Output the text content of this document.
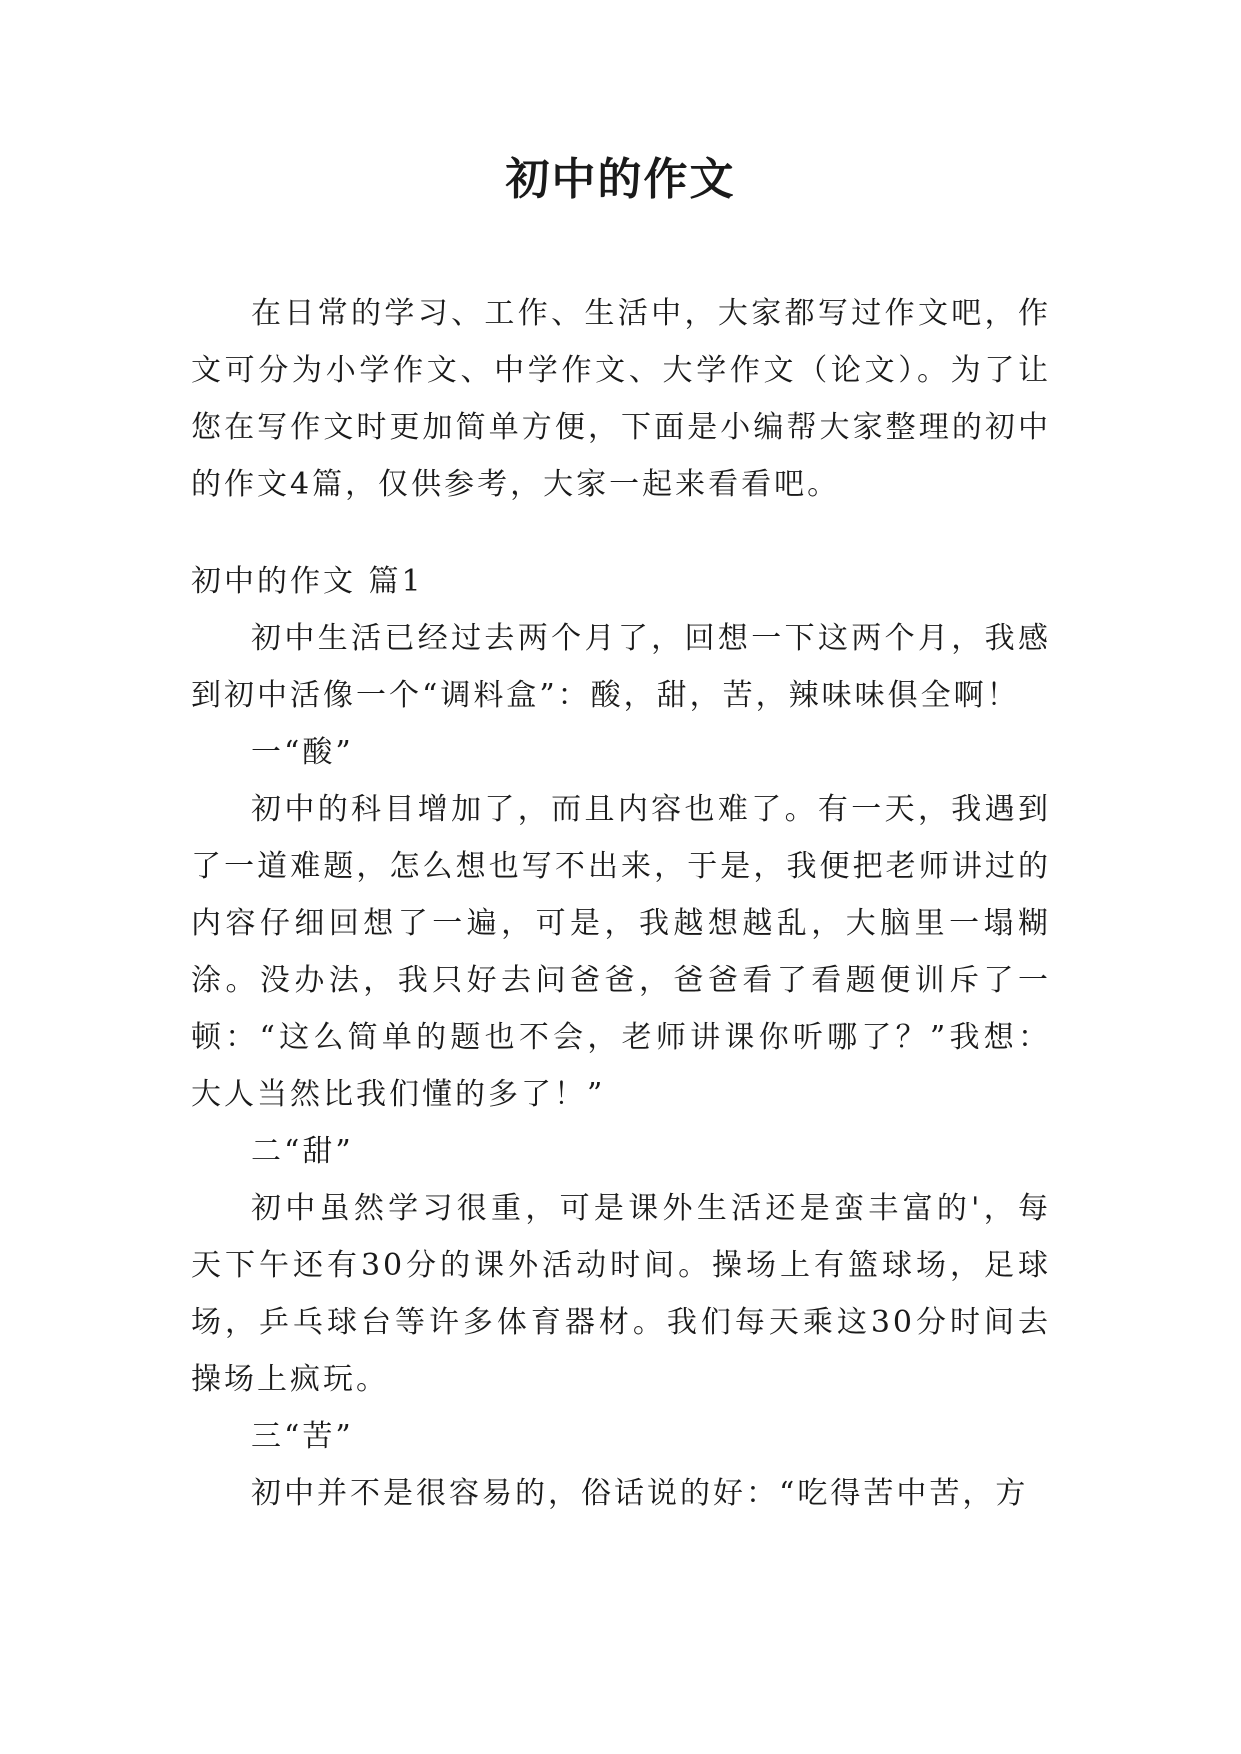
初中的作文

在日常的学习、工作、生活中，大家都写过作文吧，作文可分为小学作文、中学作文、大学作文（论文）。为了让您在写作文时更加简单方便，下面是小编帮大家整理的初中的作文4篇，仅供参考，大家一起来看看吧。

初中的作文 篇1

初中生活已经过去两个月了，回想一下这两个月，我感到初中活像一个“调料盒”：酸，甜，苦，辣味味俱全啊！

一“酸”

初中的科目增加了，而且内容也难了。有一天，我遇到了一道难题，怎么想也写不出来，于是，我便把老师讲过的内容仔细回想了一遍，可是，我越想越乱，大脑里一塌糊涂。没办法，我只好去问爸爸，爸爸看了看题便训斥了一顿：“这么简单的题也不会，老师讲课你听哪了？”我想：大人当然比我们懂的多了！”

二“甜”

初中虽然学习很重，可是课外生活还是蛮丰富的'，每天下午还有30分的课外活动时间。操场上有篮球场，足球场，乒乓球台等许多体育器材。我们每天乘这30分时间去操场上疯玩。

三“苦”

初中并不是很容易的，俗话说的好：“吃得苦中苦，方
